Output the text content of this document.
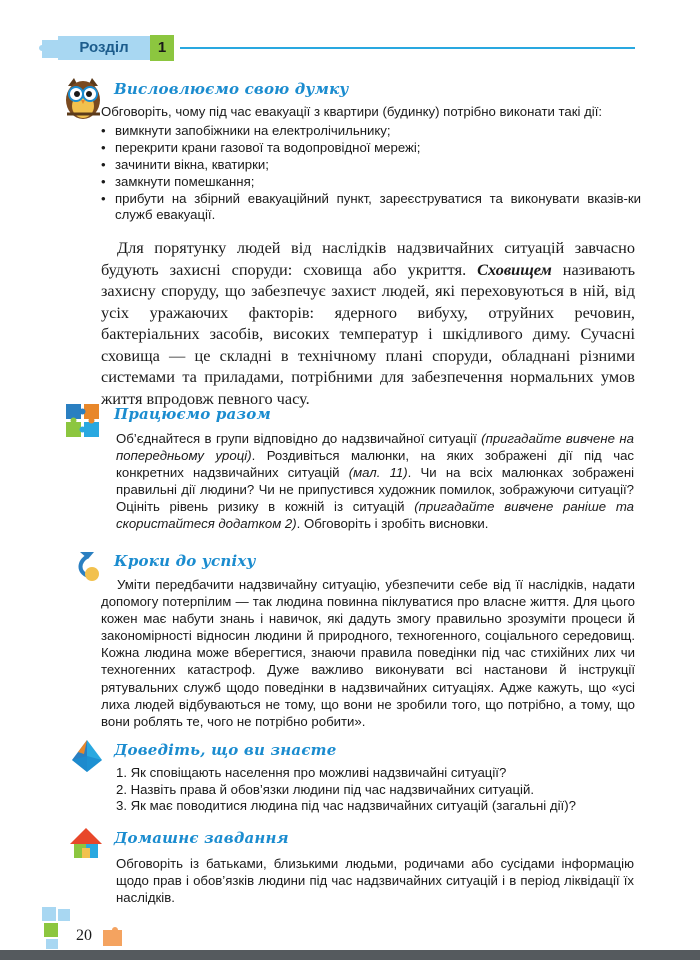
Розділ	1
Висловлюємо свою думку
Обговоріть, чому під час евакуації з квартири (будинку) потрібно виконати такі дії:
• вимкнути запобіжники на електролічильнику;
• перекрити крани газової та водопровідної мережі;
• зачинити вікна, кватирки;
• замкнути помешкання;
• прибути на збірний евакуаційний пункт, зареєструватися та виконувати вказів-ки служб евакуації.
Для порятунку людей від наслідків надзвичайних ситуацій завчасно будують захисні споруди: сховища або укриття. Сховищем називають захисну споруду, що забезпечує захист людей, які переховуються в ній, від усіх уражаючих факторів: ядерного вибуху, отруйних речовин, бактеріальних засобів, високих температур і шкідливого диму. Сучасні сховища — це складні в технічному плані споруди, обладнані різними системами та приладами, потрібними для забезпечення нормальних умов життя впродовж певного часу.
Працюємо разом
Об’єднайтеся в групи відповідно до надзвичайної ситуації (пригадайте вивчене на попередньому уроці). Роздивіться малюнки, на яких зображені дії під час конкретних надзвичайних ситуацій (мал. 11). Чи на всіх малюнках зображені правильні дії людини? Чи не припустився художник помилок, зображуючи ситуації? Оцініть рівень ризику в кожній із ситуацій (пригадайте вивчене раніше та скористайтеся додатком 2). Обговоріть і зробіть висновки.
Кроки до успіху
Уміти передбачити надзвичайну ситуацію, убезпечити себе від її наслідків, надати допомогу потерпілим — так людина повинна піклуватися про власне життя. Для цього кожен має набути знань і навичок, які дадуть змогу правильно зрозуміти процеси й закономірності відносин людини й природного, техногенного, соціального середовищ. Кожна людина може вберегтися, знаючи правила поведінки під час стихійних лих чи техногенних катастроф. Дуже важливо виконувати всі настанови й інструкції рятувальних служб щодо поведінки в надзвичайних ситуаціях. Адже кажуть, що «усі лиха людей відбуваються не тому, що вони не зробили того, що потрібно, а тому, що вони роблять те, чого не потрібно робити».
Доведіть, що ви знаєте
1. Як сповіщають населення про можливі надзвичайні ситуації?
2. Назвіть права й обов’язки людини під час надзвичайних ситуацій.
3. Як має поводитися людина під час надзвичайних ситуацій (загальні дії)?
Домашнє завдання
Обговоріть із батьками, близькими людьми, родичами або сусідами інформацію щодо прав і обов’язків людини під час надзвичайних ситуацій і в період ліквідації їх наслідків.
20
